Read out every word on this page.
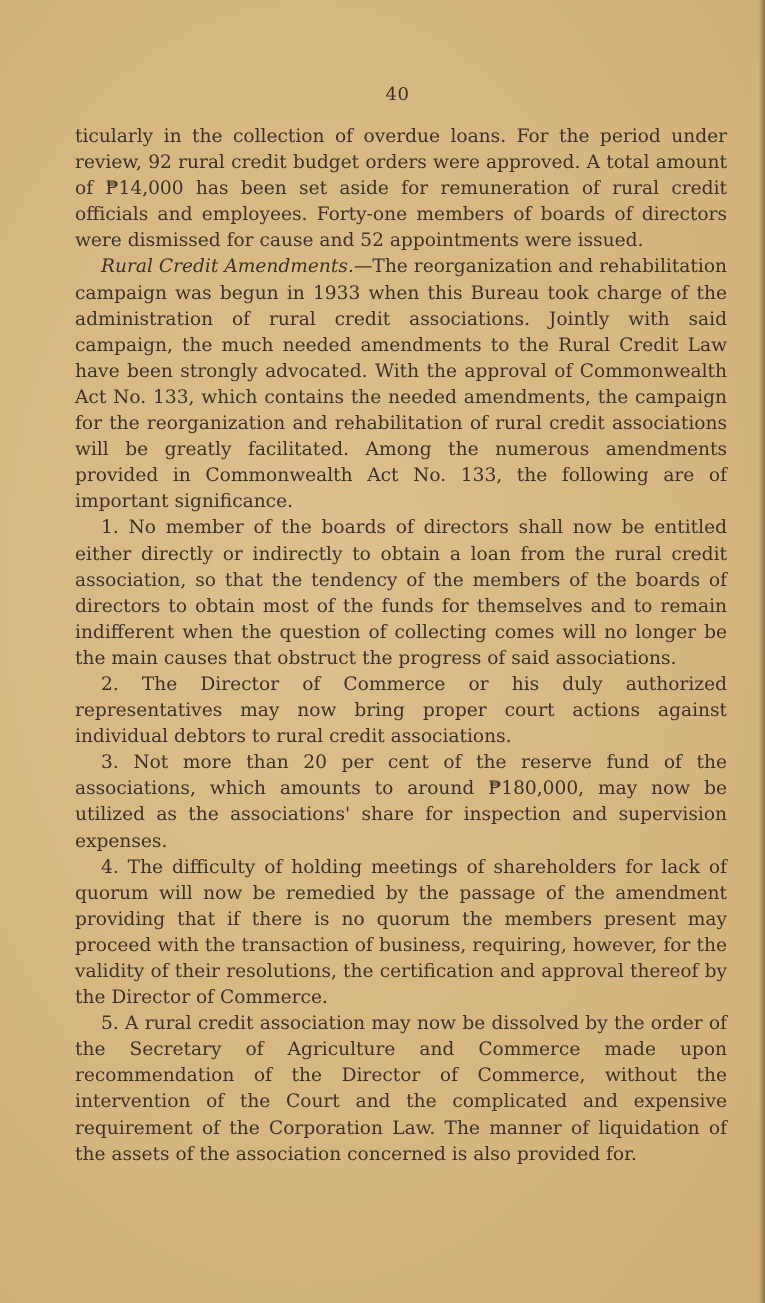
40

ticularly in the collection of overdue loans. For the period under review, 92 rural credit budget orders were approved. A total amount of ₱14,000 has been set aside for remuneration of rural credit officials and employees. Forty-one members of boards of directors were dismissed for cause and 52 appointments were issued.

Rural Credit Amendments.—The reorganization and rehabilitation campaign was begun in 1933 when this Bureau took charge of the administration of rural credit associations. Jointly with said campaign, the much needed amendments to the Rural Credit Law have been strongly advocated. With the approval of Commonwealth Act No. 133, which contains the needed amendments, the campaign for the reorganization and rehabilitation of rural credit associations will be greatly facilitated. Among the numerous amendments provided in Commonwealth Act No. 133, the following are of important significance.

1. No member of the boards of directors shall now be entitled either directly or indirectly to obtain a loan from the rural credit association, so that the tendency of the members of the boards of directors to obtain most of the funds for themselves and to remain indifferent when the question of collecting comes will no longer be the main causes that obstruct the progress of said associations.

2. The Director of Commerce or his duly authorized representatives may now bring proper court actions against individual debtors to rural credit associations.

3. Not more than 20 per cent of the reserve fund of the associations, which amounts to around ₱180,000, may now be utilized as the associations' share for inspection and supervision expenses.

4. The difficulty of holding meetings of shareholders for lack of quorum will now be remedied by the passage of the amendment providing that if there is no quorum the members present may proceed with the transaction of business, requiring, however, for the validity of their resolutions, the certification and approval thereof by the Director of Commerce.

5. A rural credit association may now be dissolved by the order of the Secretary of Agriculture and Commerce made upon recommendation of the Director of Commerce, without the intervention of the Court and the complicated and expensive requirement of the Corporation Law. The manner of liquidation of the assets of the association concerned is also provided for.
